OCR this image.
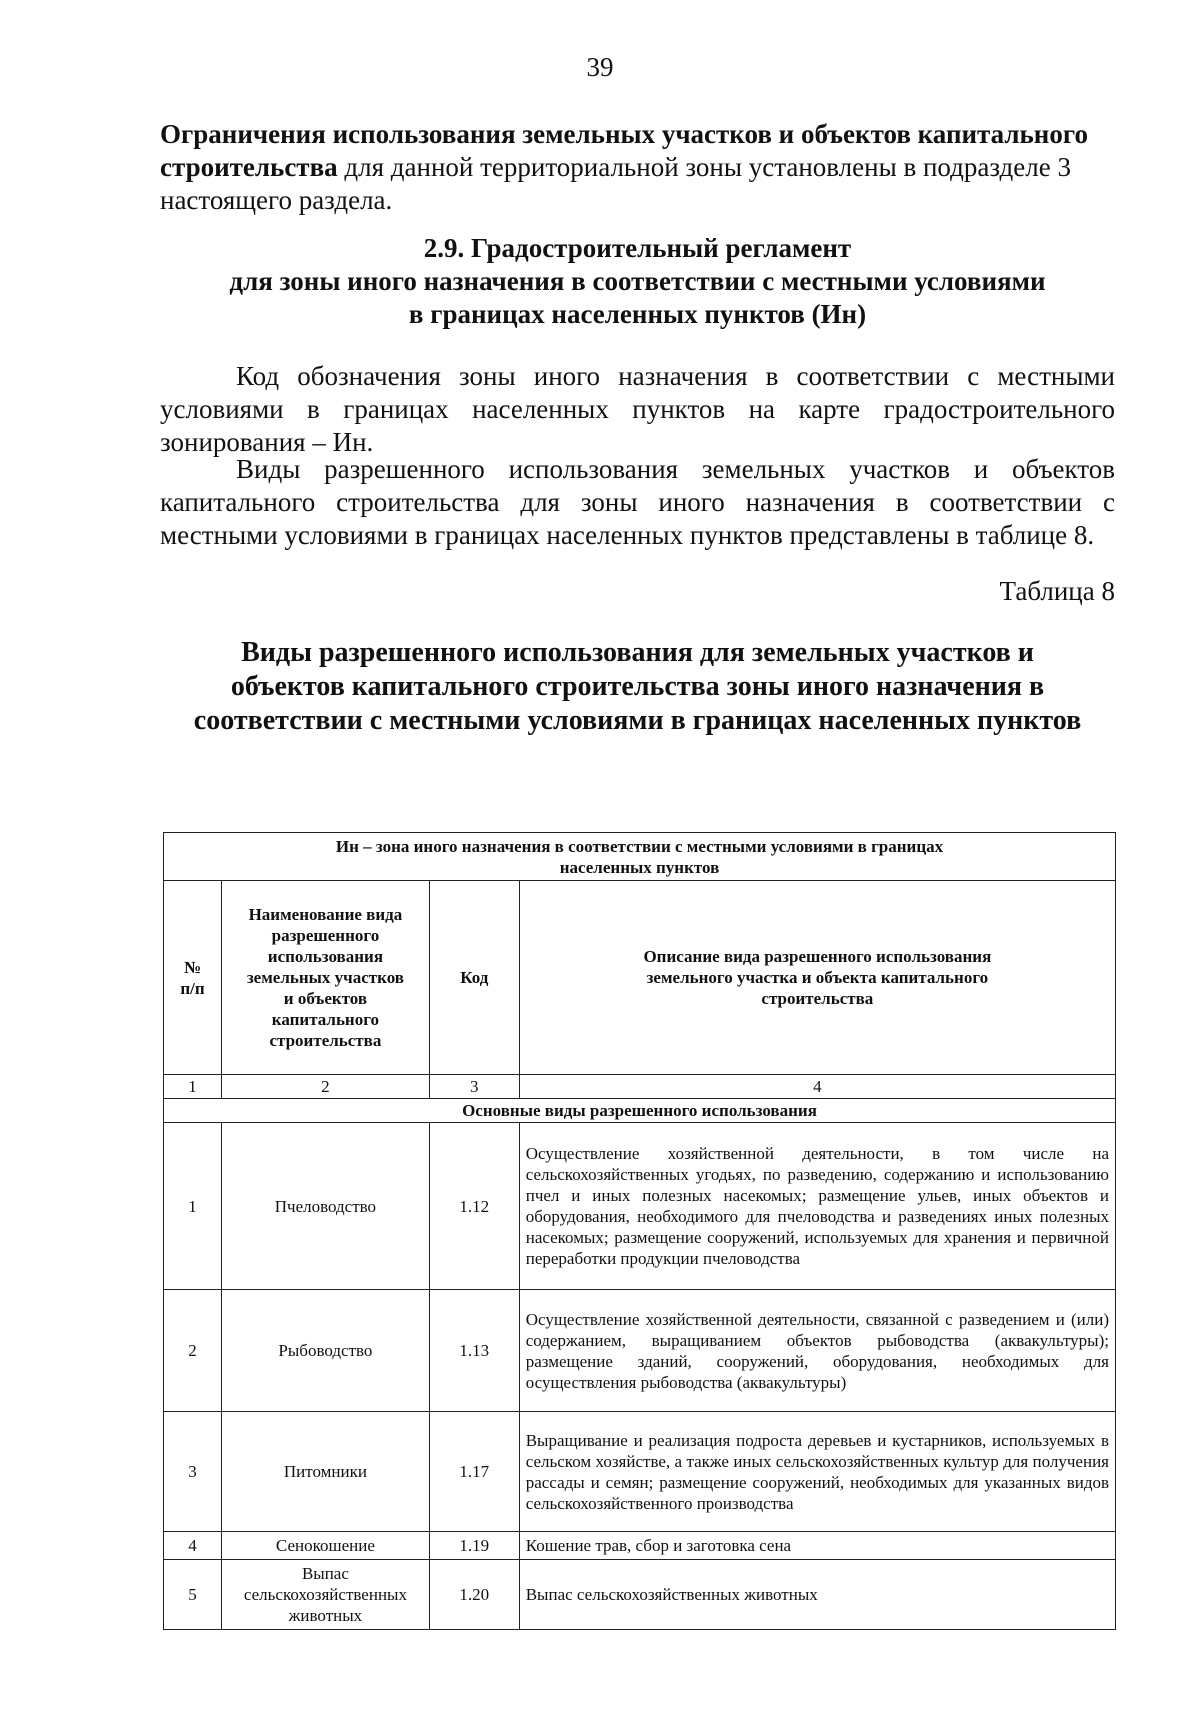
39
Ограничения использования земельных участков и объектов капитального строительства для данной территориальной зоны установлены в подразделе 3 настоящего раздела.
2.9. Градостроительный регламент
для зоны иного назначения в соответствии с местными условиями
в границах населенных пунктов (Ин)
Код обозначения зоны иного назначения в соответствии с местными условиями в границах населенных пунктов на карте градостроительного зонирования – Ин.
Виды разрешенного использования земельных участков и объектов капитального строительства для зоны иного назначения в соответствии с местными условиями в границах населенных пунктов представлены в таблице 8.
Таблица 8
Виды разрешенного использования для земельных участков и
объектов капитального строительства зоны иного назначения в
соответствии с местными условиями в границах населенных пунктов
Ин – зона иного назначения в соответствии с местными условиями в границах населенных пунктов			
№ п/п	Наименование вида разрешенного использования земельных участков и объектов капитального строительства	Код	Описание вида разрешенного использования земельного участка и объекта капитального строительства
1	2	3	4
Основные виды разрешенного использования			
1	Пчеловодство	1.12	Осуществление хозяйственной деятельности, в том числе на сельскохозяйственных угодьях, по разведению, содержанию и использованию пчел и иных полезных насекомых; размещение ульев, иных объектов и оборудования, необходимого для пчеловодства и разведениях иных полезных насекомых; размещение сооружений, используемых для хранения и первичной переработки продукции пчеловодства
2	Рыбоводство	1.13	Осуществление хозяйственной деятельности, связанной с разведением и (или) содержанием, выращиванием объектов рыбоводства (аквакультуры); размещение зданий, сооружений, оборудования, необходимых для осуществления рыбоводства (аквакультуры)
3	Питомники	1.17	Выращивание и реализация подроста деревьев и кустарников, используемых в сельском хозяйстве, а также иных сельскохозяйственных культур для получения рассады и семян; размещение сооружений, необходимых для указанных видов сельскохозяйственного производства
4	Сенокошение	1.19	Кошение трав, сбор и заготовка сена
5	Выпас сельскохозяйственных животных	1.20	Выпас сельскохозяйственных животных
